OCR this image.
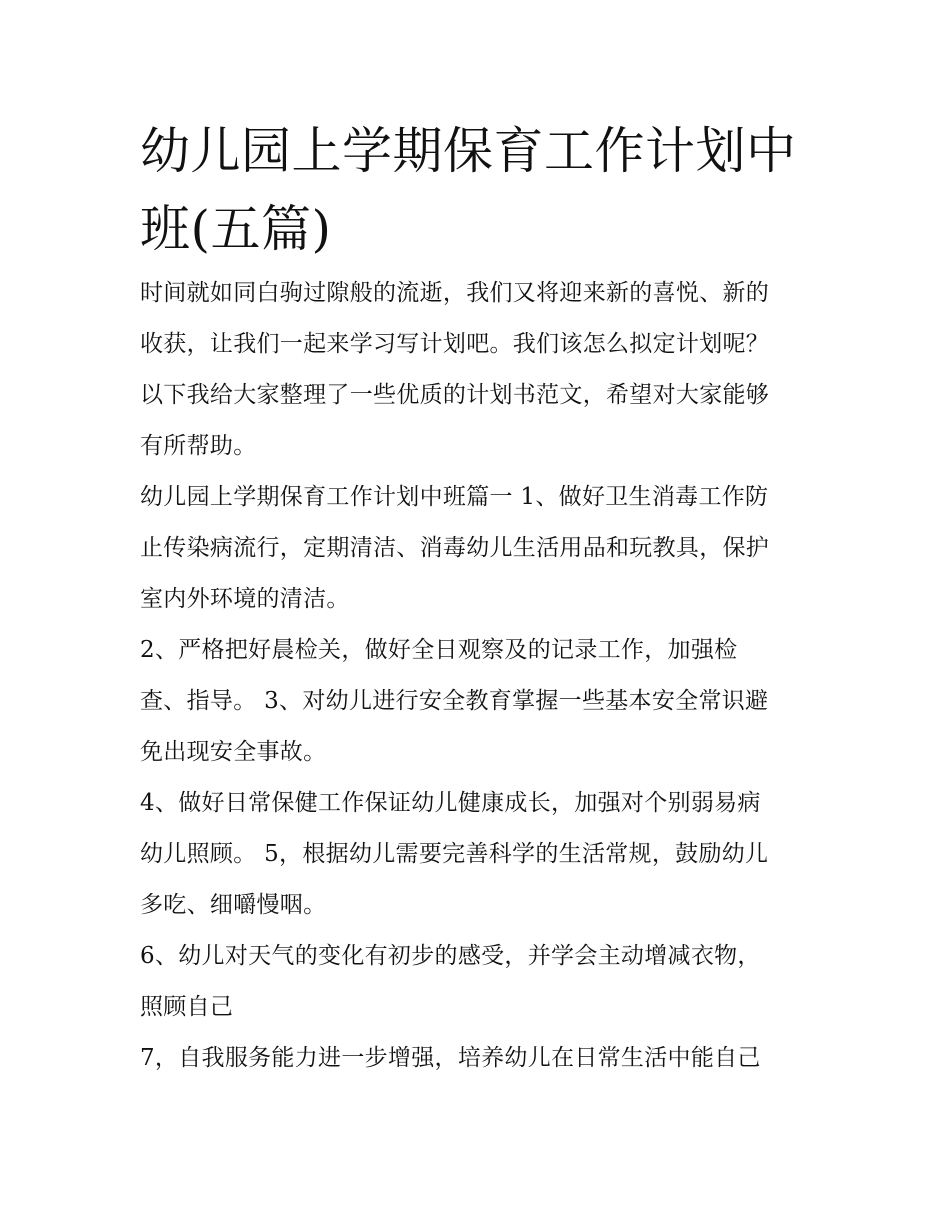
幼儿园上学期保育工作计划中
班(五篇)

时间就如同白驹过隙般的流逝，我们又将迎来新的喜悦、新的
收获，让我们一起来学习写计划吧。我们该怎么拟定计划呢？
以下我给大家整理了一些优质的计划书范文，希望对大家能够
有所帮助。

幼儿园上学期保育工作计划中班篇一 1、做好卫生消毒工作防
止传染病流行，定期清洁、消毒幼儿生活用品和玩教具，保护
室内外环境的清洁。

2、严格把好晨检关，做好全日观察及的记录工作，加强检
查、指导。 3、对幼儿进行安全教育掌握一些基本安全常识避
免出现安全事故。

4、做好日常保健工作保证幼儿健康成长，加强对个别弱易病
幼儿照顾。 5，根据幼儿需要完善科学的生活常规，鼓励幼儿
多吃、细嚼慢咽。

6、幼儿对天气的变化有初步的感受，并学会主动增减衣物，
照顾自己

7，自我服务能力进一步增强，培养幼儿在日常生活中能自己
